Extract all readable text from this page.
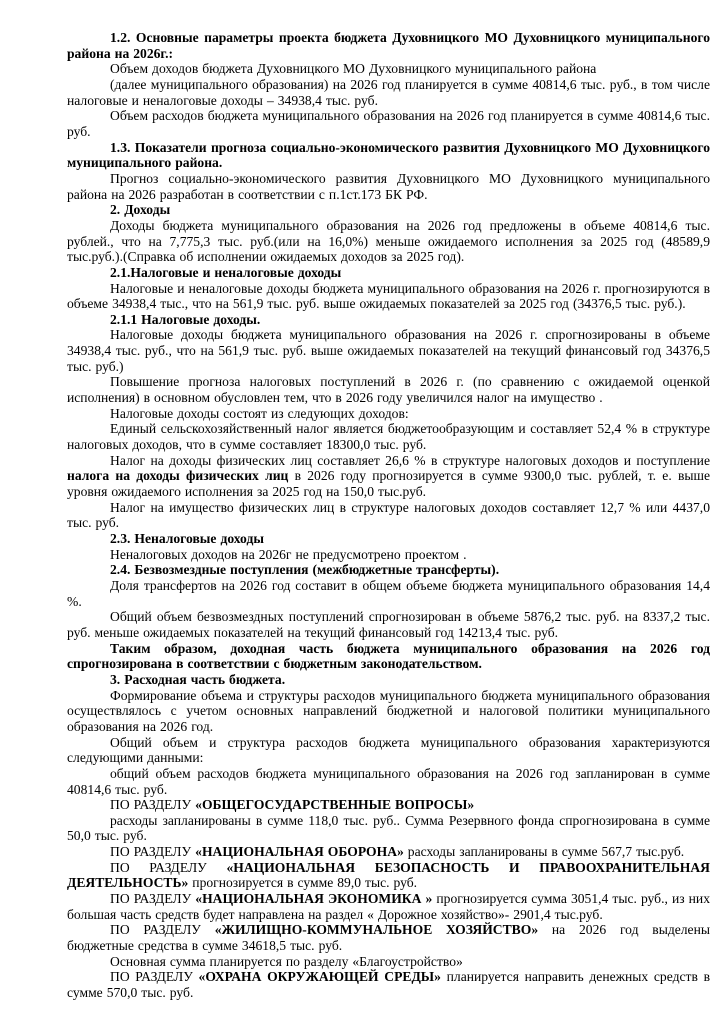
1.2. Основные параметры проекта бюджета Духовницкого МО Духовницкого муниципального района на 2026г.:

Объем доходов бюджета Духовницкого МО Духовницкого муниципального района

(далее муниципального образования) на 2026 год планируется в сумме 40814,6 тыс. руб., в том числе налоговые и неналоговые доходы – 34938,4 тыс. руб.

Объем расходов бюджета муниципального образования на 2026 год планируется в сумме 40814,6 тыс. руб.

1.3. Показатели прогноза социально-экономического развития Духовницкого МО Духовницкого муниципального района.

Прогноз социально-экономического развития Духовницкого МО Духовницкого муниципального района на 2026 разработан в соответствии с п.1ст.173 БК РФ.

2. Доходы

Доходы бюджета муниципального образования на 2026 год предложены в объеме 40814,6 тыс. рублей., что на 7,775,3 тыс. руб.(или на 16,0%) меньше ожидаемого исполнения за 2025 год (48589,9 тыс.руб.).(Справка об исполнении ожидаемых доходов за 2025 год).

2.1.Налоговые и неналоговые доходы

Налоговые и неналоговые доходы бюджета муниципального образования на 2026 г. прогнозируются в объеме 34938,4 тыс., что на 561,9 тыс. руб. выше ожидаемых показателей за 2025 год (34376,5 тыс. руб.).

2.1.1 Налоговые доходы.

Налоговые доходы бюджета муниципального образования на 2026 г. спрогнозированы в объеме 34938,4 тыс. руб., что на 561,9 тыс. руб. выше ожидаемых показателей на текущий финансовый год 34376,5 тыс. руб.)

Повышение прогноза налоговых поступлений в 2026 г. (по сравнению с ожидаемой оценкой исполнения) в основном обусловлен тем, что в 2026 году увеличился налог на имущество .

Налоговые доходы состоят из следующих доходов:

Единый сельскохозяйственный налог является бюджетообразующим и составляет 52,4 % в структуре налоговых доходов, что в сумме составляет 18300,0 тыс. руб.

Налог на доходы физических лиц составляет 26,6 % в структуре налоговых доходов и поступление налога на доходы физических лиц в 2026 году прогнозируется в сумме 9300,0 тыс. рублей, т. е. выше уровня ожидаемого исполнения за 2025 год на 150,0 тыс.руб.

Налог на имущество физических лиц в структуре налоговых доходов составляет 12,7 % или 4437,0 тыс. руб.

2.3. Неналоговые доходы

Неналоговых доходов на 2026г не предусмотрено проектом .

2.4. Безвозмездные поступления (межбюджетные трансферты).

Доля трансфертов на 2026 год составит в общем объеме бюджета муниципального образования 14,4 %.

Общий объем безвозмездных поступлений спрогнозирован в объеме 5876,2 тыс. руб. на 8337,2 тыс. руб. меньше ожидаемых показателей на текущий финансовый год 14213,4 тыс. руб.

Таким образом, доходная часть бюджета муниципального образования на 2026 год спрогнозирована в соответствии с бюджетным законодательством.

3. Расходная часть бюджета.

Формирование объема и структуры расходов муниципального бюджета муниципального образования осуществлялось с учетом основных направлений бюджетной и налоговой политики муниципального образования на 2026 год.

Общий объем и структура расходов бюджета муниципального образования характеризуются следующими данными:

общий объем расходов бюджета муниципального образования на 2026 год запланирован в сумме 40814,6 тыс. руб.

ПО РАЗДЕЛУ «ОБЩЕГОСУДАРСТВЕННЫЕ ВОПРОСЫ»

расходы запланированы в сумме 118,0 тыс. руб.. Сумма Резервного фонда спрогнозирована в сумме 50,0 тыс. руб.

ПО РАЗДЕЛУ «НАЦИОНАЛЬНАЯ ОБОРОНА» расходы запланированы в сумме 567,7 тыс.руб.

ПО РАЗДЕЛУ «НАЦИОНАЛЬНАЯ БЕЗОПАСНОСТЬ И ПРАВООХРАНИТЕЛЬНАЯ ДЕЯТЕЛЬНОСТЬ» прогнозируется в сумме 89,0 тыс. руб.

ПО РАЗДЕЛУ «НАЦИОНАЛЬНАЯ ЭКОНОМИКА » прогнозируется сумма 3051,4 тыс. руб., из них большая часть средств будет направлена на раздел « Дорожное хозяйство»- 2901,4 тыс.руб.

ПО РАЗДЕЛУ «ЖИЛИЩНО-КОММУНАЛЬНОЕ ХОЗЯЙСТВО» на 2026 год выделены бюджетные средства в сумме 34618,5 тыс. руб.

Основная сумма планируется по разделу «Благоустройство»

ПО РАЗДЕЛУ «ОХРАНА ОКРУЖАЮЩЕЙ СРЕДЫ» планируется направить денежных средств в сумме 570,0 тыс. руб.
